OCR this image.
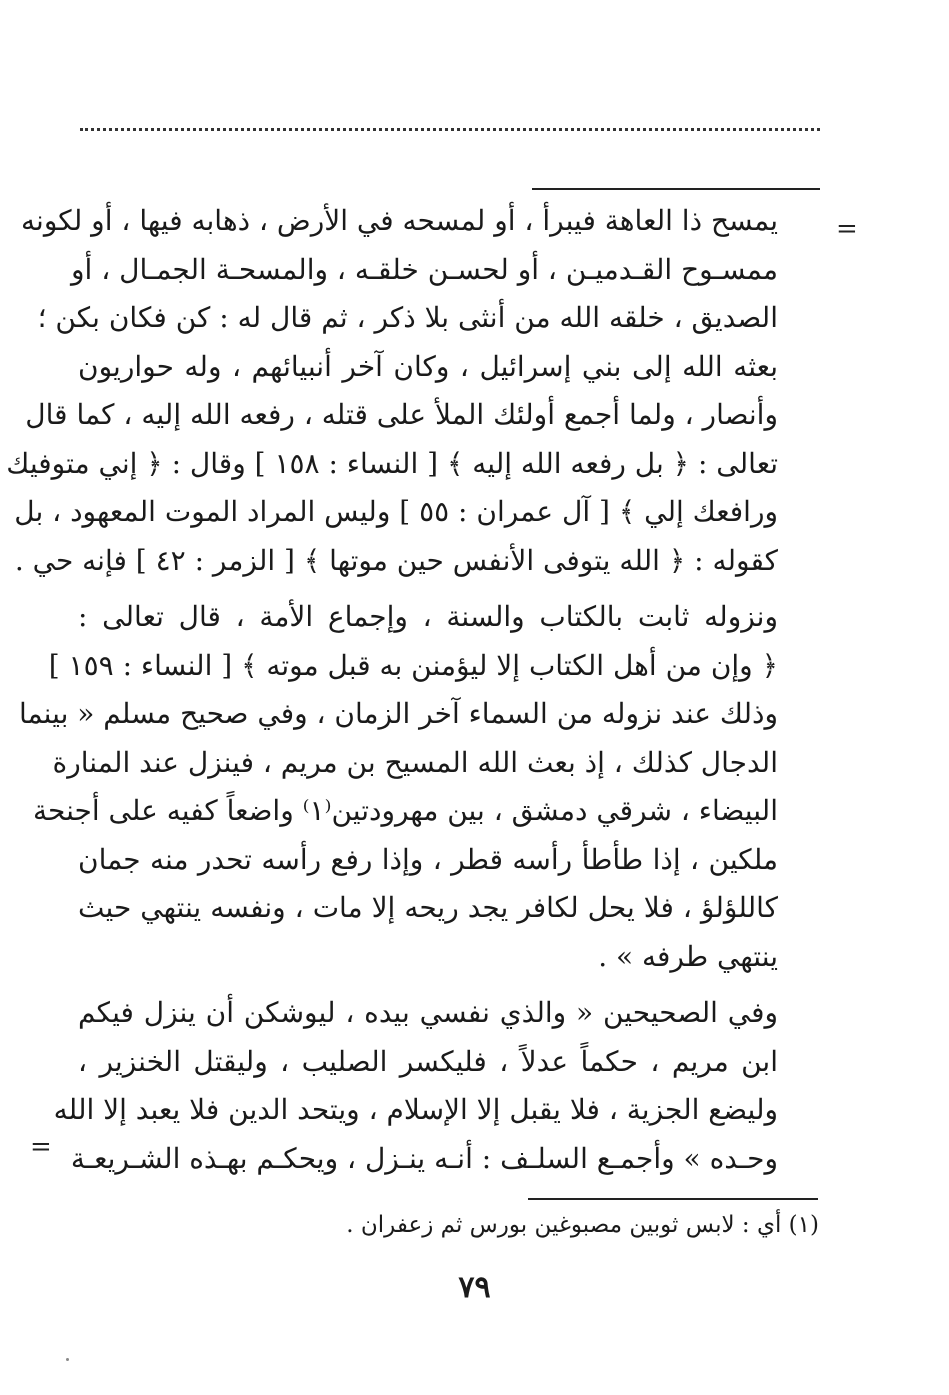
=
يمسح ذا العاهة فيبرأ ، أو لمسحه في الأرض ، ذهابه فيها ، أو لكونه
ممسـوح القـدميـن ، أو لحسـن خلقـه ، والمسحـة الجمـال ، أو
الصديق ، خلقه الله من أنثى بلا ذكر ، ثم قال له : كن فكان بكن ؛
بعثه الله إلى بني إسرائيل ، وكان آخر أنبيائهم ، وله حواريون
وأنصار ، ولما أجمع أولئك الملأ على قتله ، رفعه الله إليه ، كما قال
تعالى : ﴿ بل رفعه الله إليه ﴾ [ النساء : ١٥٨ ] وقال : ﴿ إني متوفيك
ورافعك إلي ﴾ [ آل عمران : ٥٥ ] وليس المراد الموت المعهود ، بل
كقوله : ﴿ الله يتوفى الأنفس حين موتها ﴾ [ الزمر : ٤٢ ] فإنه حي .
ونزوله ثابت بالكتاب والسنة ، وإجماع الأمة ، قال تعالى :
﴿ وإن من أهل الكتاب إلا ليؤمنن به قبل موته ﴾ [ النساء : ١٥٩ ]
وذلك عند نزوله من السماء آخر الزمان ، وفي صحيح مسلم « بينما
الدجال كذلك ، إذ بعث الله المسيح بن مريم ، فينزل عند المنارة
البيضاء ، شرقي دمشق ، بين مهرودتين⁽١⁾ واضعاً كفيه على أجنحة
ملكين ، إذا طأطأ رأسه قطر ، وإذا رفع رأسه تحدر منه جمان
كاللؤلؤ ، فلا يحل لكافر يجد ريحه إلا مات ، ونفسه ينتهي حيث
ينتهي طرفه » .
وفي الصحيحين « والذي نفسي بيده ، ليوشكن أن ينزل فيكم
ابن مريم ، حكماً عدلاً ، فليكسر الصليب ، وليقتل الخنزير ،
وليضع الجزية ، فلا يقبل إلا الإسلام ، ويتحد الدين فلا يعبد إلا الله
وحـده » وأجمـع السلـف : أنـه ينـزل ، ويحكـم بهـذه الشـريعـة
=
(١) أي : لابس ثوبين مصبوغين بورس ثم زعفران .
٧٩
